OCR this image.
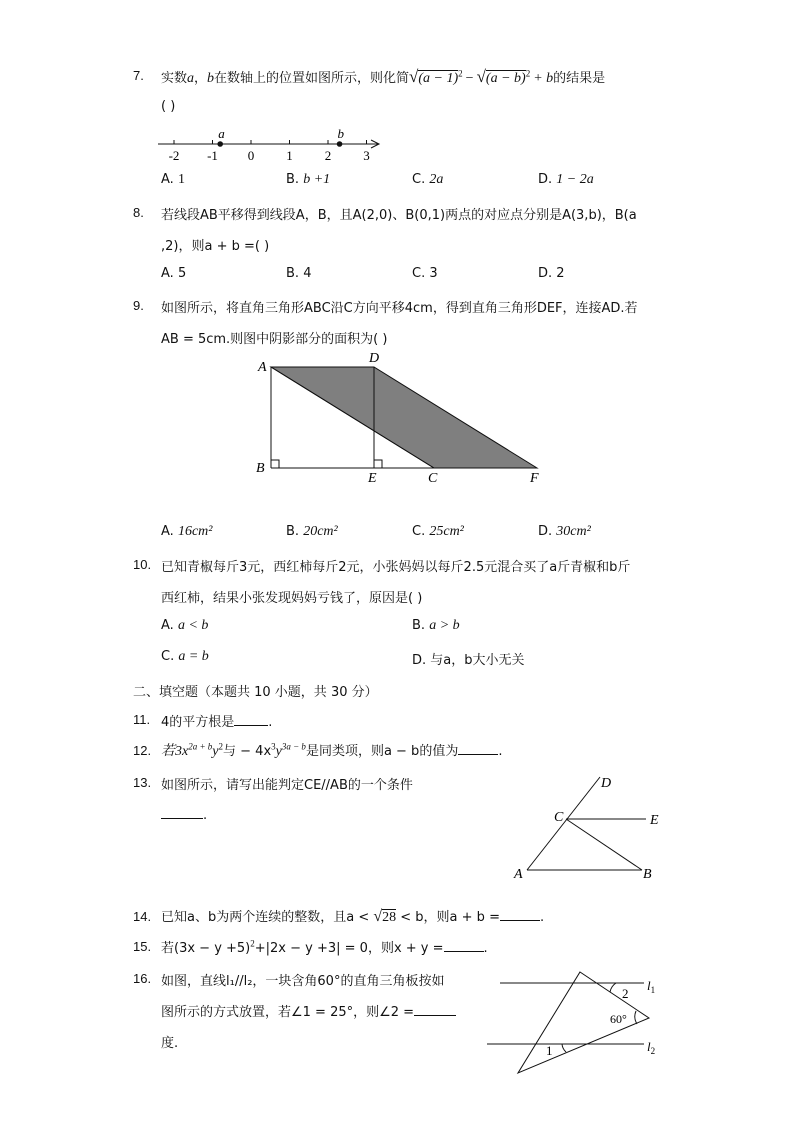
7. 实数a，b在数轴上的位置如图所示，则化简$√(a - 1)^2 - √(a - b)^2 + b$的结果是
( )
-2 -1 0 1 2 3
a	b
A. 1	B. b +1	C. 2a	D. 1 − 2a
8. 若线段AB平移得到线段A，B，且A(2,0)、B(0,1)两点的对应点分别是A(3,b)，B(a
,2)，则a + b =( )
A. 5	B. 4	C. 3	D. 2
9. 如图所示，将直角三角形ABC沿C方向平移4cm，得到直角三角形DEF，连接AD.若
AB = 5cm.则图中阴影部分的面积为( )
A
D
B
E	C	F
A. 16cm²	B. 20cm²	C. 25cm²	D. 30cm²
10. 已知青椒每斤3元，西红柿每斤2元，小张妈妈以每斤2.5元混合买了a斤青椒和b斤
西红柿，结果小张发现妈妈亏钱了，原因是( )
A. a < b	B. a > b
C. a = b	D. 与a，b大小无关
二、填空题（本题共 10 小题，共 30 分）
11. 4的平方根是	.
12. 若$3x^{2a + b}y^2$与 − $4x^3y^{3a - b}$是同类项，则a − b的值为	.
13. 如图所示，请写出能判定CE//AB的一个条件
.
D
C	E
A	B
14. 已知a、b为两个连续的整数，且a < √28 < b，则a + b =	.
15. 若$(3x - y +5)^2+|2x - y +3| = 0$，则x + y =	.
16. 如图，直线l₁//l₂，一块含角60°的直角三角板按如
图所示的方式放置，若∠1 = 25°，则∠2 =
度.
$l_1$
$l_2$
2
60°
1
